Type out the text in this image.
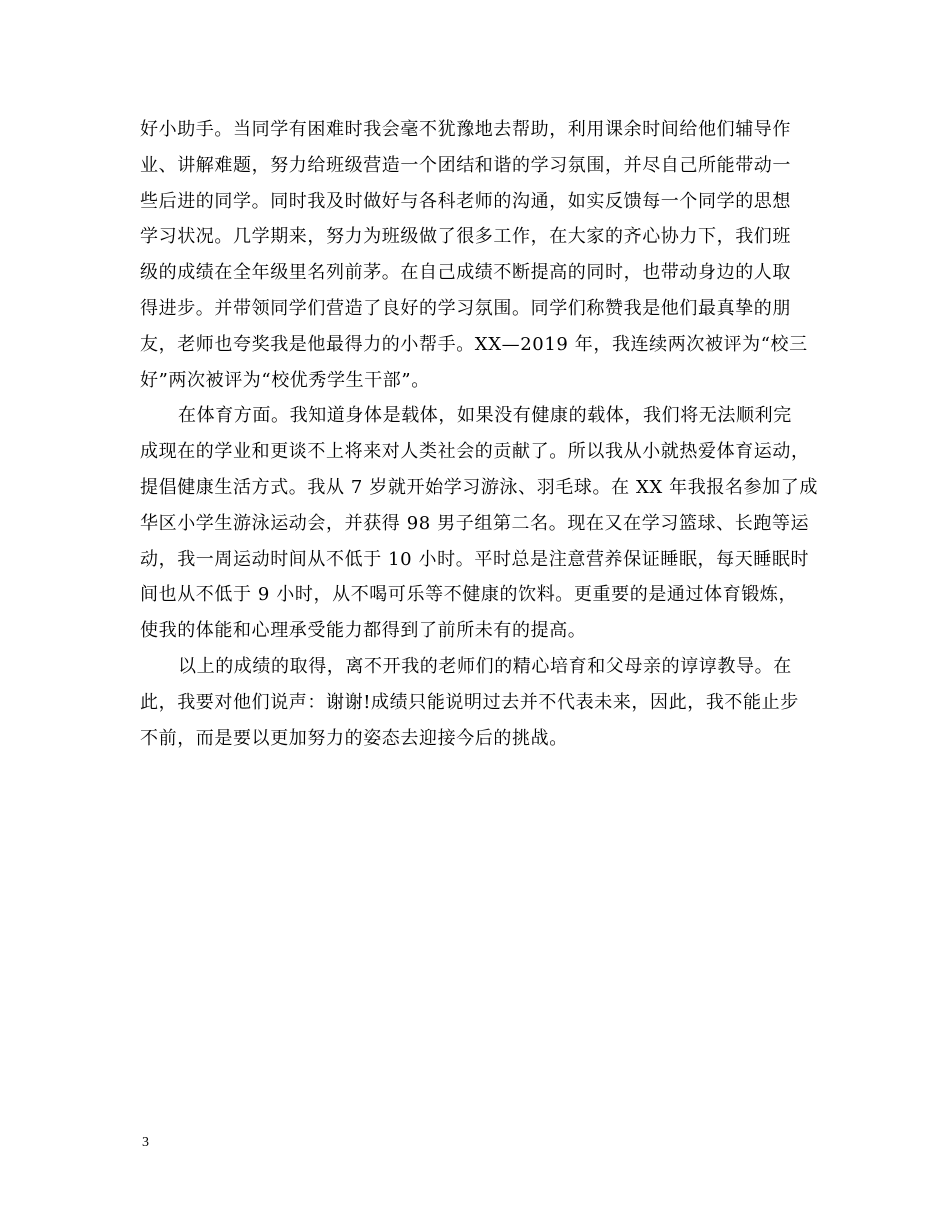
好小助手。当同学有困难时我会毫不犹豫地去帮助，利用课余时间给他们辅导作
业、讲解难题，努力给班级营造一个团结和谐的学习氛围，并尽自己所能带动一
些后进的同学。同时我及时做好与各科老师的沟通，如实反馈每一个同学的思想
学习状况。几学期来，努力为班级做了很多工作，在大家的齐心协力下，我们班
级的成绩在全年级里名列前茅。在自己成绩不断提高的同时，也带动身边的人取
得进步。并带领同学们营造了良好的学习氛围。同学们称赞我是他们最真挚的朋
友，老师也夸奖我是他最得力的小帮手。XX—2019 年，我连续两次被评为“校三
好”两次被评为“校优秀学生干部”。
在体育方面。我知道身体是载体，如果没有健康的载体，我们将无法顺利完
成现在的学业和更谈不上将来对人类社会的贡献了。所以我从小就热爱体育运动，
提倡健康生活方式。我从 7 岁就开始学习游泳、羽毛球。在 XX 年我报名参加了成
华区小学生游泳运动会，并获得 98 男子组第二名。现在又在学习篮球、长跑等运
动，我一周运动时间从不低于 10 小时。平时总是注意营养保证睡眠，每天睡眠时
间也从不低于 9 小时，从不喝可乐等不健康的饮料。更重要的是通过体育锻炼，
使我的体能和心理承受能力都得到了前所未有的提高。
以上的成绩的取得，离不开我的老师们的精心培育和父母亲的谆谆教导。在
此，我要对他们说声：谢谢!成绩只能说明过去并不代表未来，因此，我不能止步
不前，而是要以更加努力的姿态去迎接今后的挑战。
3
